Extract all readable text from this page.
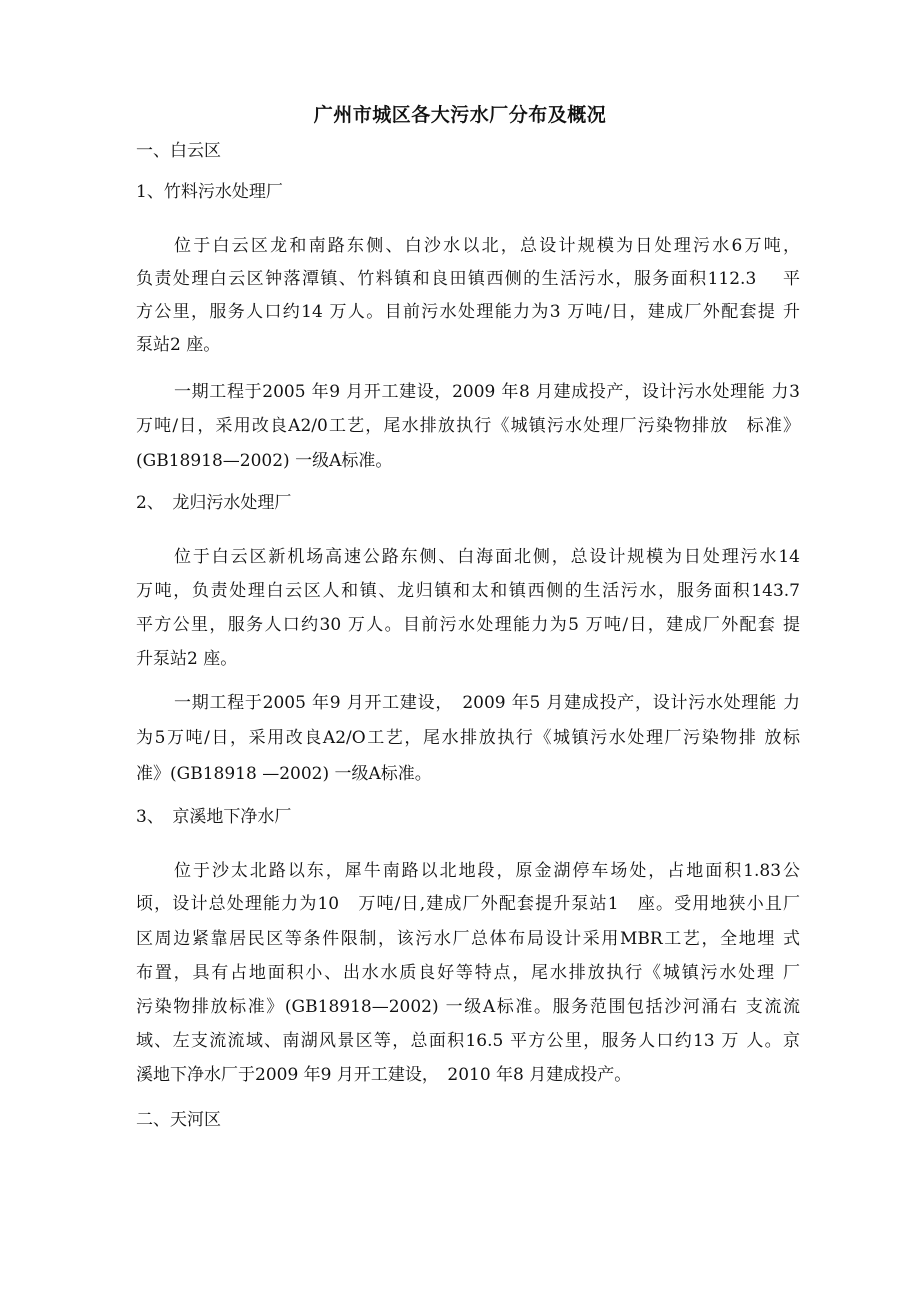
广州市城区各大污水厂分布及概况
一、白云区
1、竹料污水处理厂
位于白云区龙和南路东侧、白沙水以北，总设计规模为日处理污水6万吨，
负责处理白云区钟落潭镇、竹料镇和良田镇西侧的生活污水，服务面积112.3　 平
方公里，服务人口约14 万人。目前污水处理能力为3 万吨/日，建成厂外配套提 升
泵站2 座。
一期工程于2005 年9 月开工建设，2009 年8 月建成投产，设计污水处理能 力3
万吨/日，采用改良A2/0工艺，尾水排放执行《城镇污水处理厂污染物排放　标准》
(GB18918—2002) 一级A标准。
2、　龙归污水处理厂
位于白云区新机场高速公路东侧、白海面北侧，总设计规模为日处理污水14
万吨，负责处理白云区人和镇、龙归镇和太和镇西侧的生活污水，服务面积143.7
平方公里，服务人口约30 万人。目前污水处理能力为5 万吨/日，建成厂外配套 提
升泵站2 座。
一期工程于2005 年9 月开工建设，　2009 年5 月建成投产，设计污水处理能 力
为5万吨/日，采用改良A2/O工艺，尾水排放执行《城镇污水处理厂污染物排 放标
准》(GB18918 —2002) 一级A标准。
3、　京溪地下净水厂
位于沙太北路以东，犀牛南路以北地段，原金湖停车场处，占地面积1.83公
顷，设计总处理能力为10　万吨/日,建成厂外配套提升泵站1　座。受用地狭小且厂
区周边紧靠居民区等条件限制，该污水厂总体布局设计采用MBR工艺，全地埋 式
布置，具有占地面积小、出水水质良好等特点，尾水排放执行《城镇污水处理 厂
污染物排放标准》(GB18918—2002) 一级A标准。服务范围包括沙河涌右 支流流
域、左支流流域、南湖风景区等，总面积16.5 平方公里，服务人口约13 万 人。京
溪地下净水厂于2009 年9 月开工建设，　2010 年8 月建成投产。
二、天河区
